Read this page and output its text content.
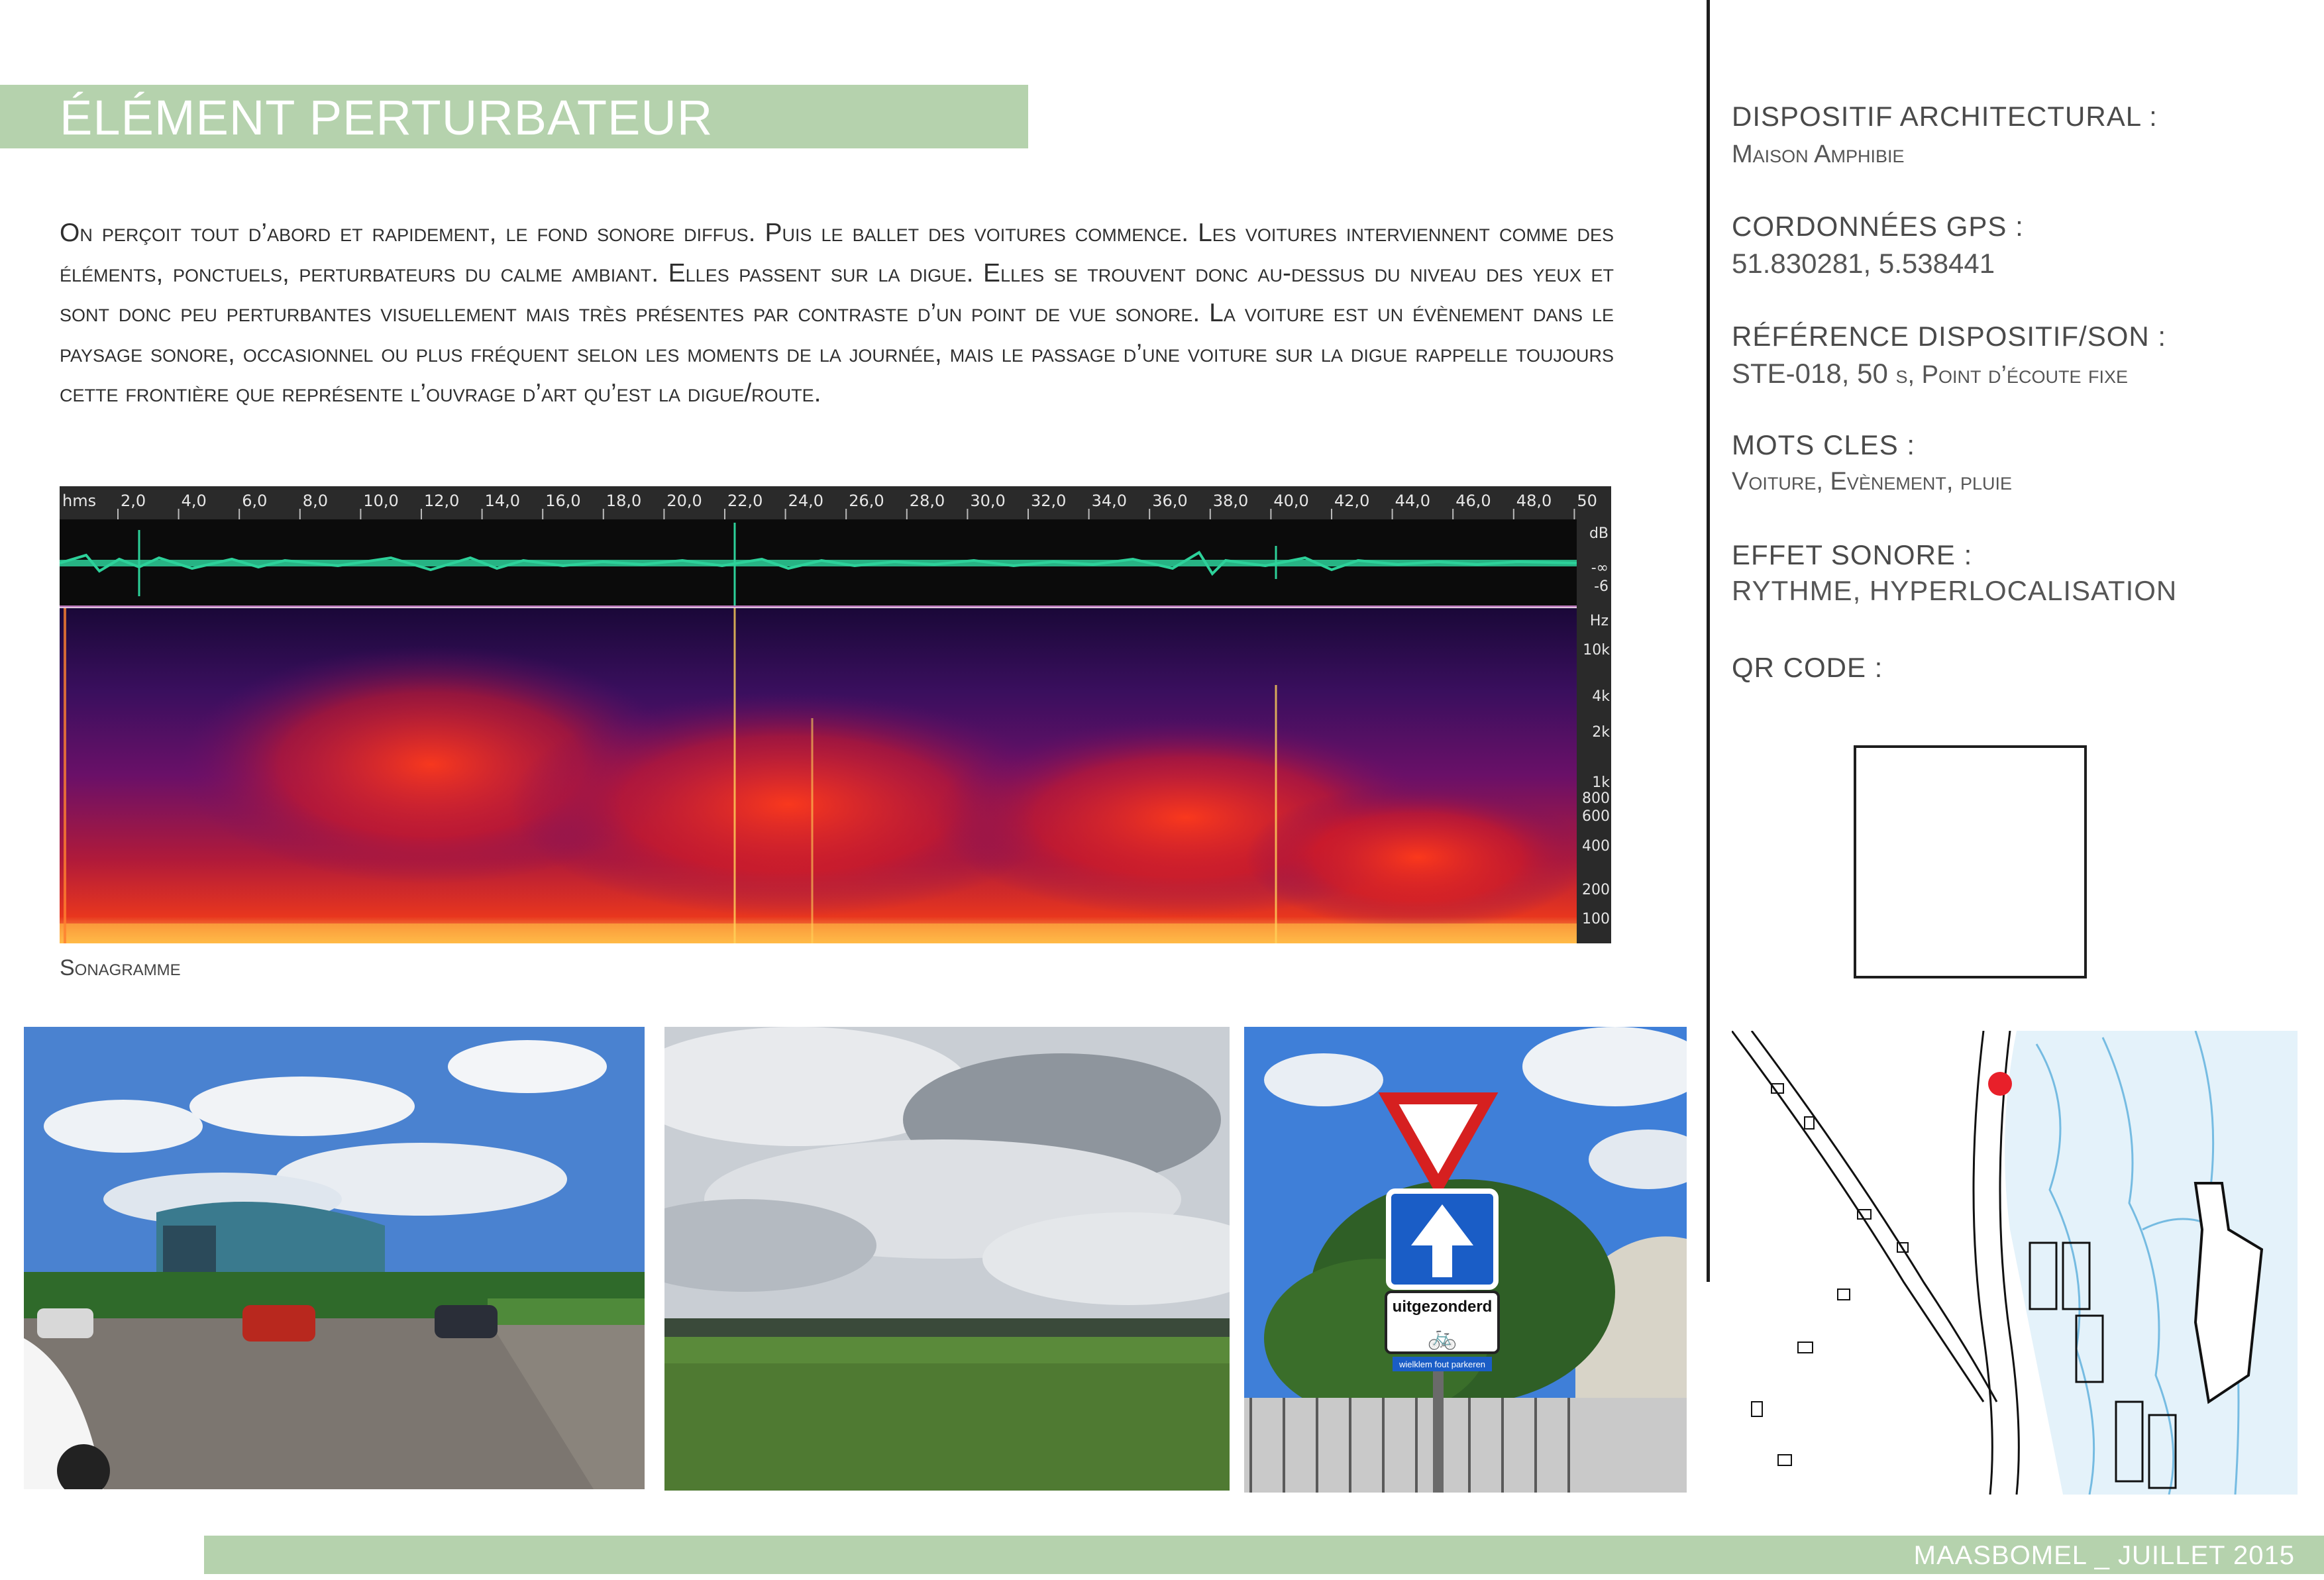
ÉLÉMENT PERTURBATEUR
On perçoit tout d’abord et rapidement, le fond sonore diffus. Puis le ballet des voitures commence. Les voitures interviennent comme des éléments, ponctuels, perturbateurs du calme ambiant. Elles passent sur la digue. Elles se trouvent donc au-dessus du niveau des yeux et sont donc peu perturbantes visuellement mais très présentes par contraste d’un point de vue sonore. La voiture est un évènement dans le paysage sonore, occasionnel ou plus fréquent selon les moments de la journée, mais le passage d’une voiture sur la digue rappelle toujours cette frontière que représente l’ouvrage d’art qu’est la digue/route.
hms 2,0 4,0 6,0 8,0 10,0 12,0 14,0 16,0 18,0 20,0 22,0 24,0 26,0 28,0 30,0 32,0 34,0 36,0 38,0 40,0 42,0 44,0 46,0 48,0 50
dB
-∞
-6
Hz
10k
4k
2k
1k
800
600
400
200
100
Sonagramme
DISPOSITIF ARCHITECTURAL :
Maison Amphibie
CORDONNÉES GPS :
51.830281, 5.538441
RÉFÉRENCE DISPOSITIF/SON :
STE-018, 50 s, Point d’écoute fixe
MOTS CLES :
Voiture, Evènement, pluie
EFFET SONORE :
RYTHME, HYPERLOCALISATION
QR CODE :
uitgezonderd
🚲
wielklem fout parkeren
MAASBOMEL _ JUILLET 2015
